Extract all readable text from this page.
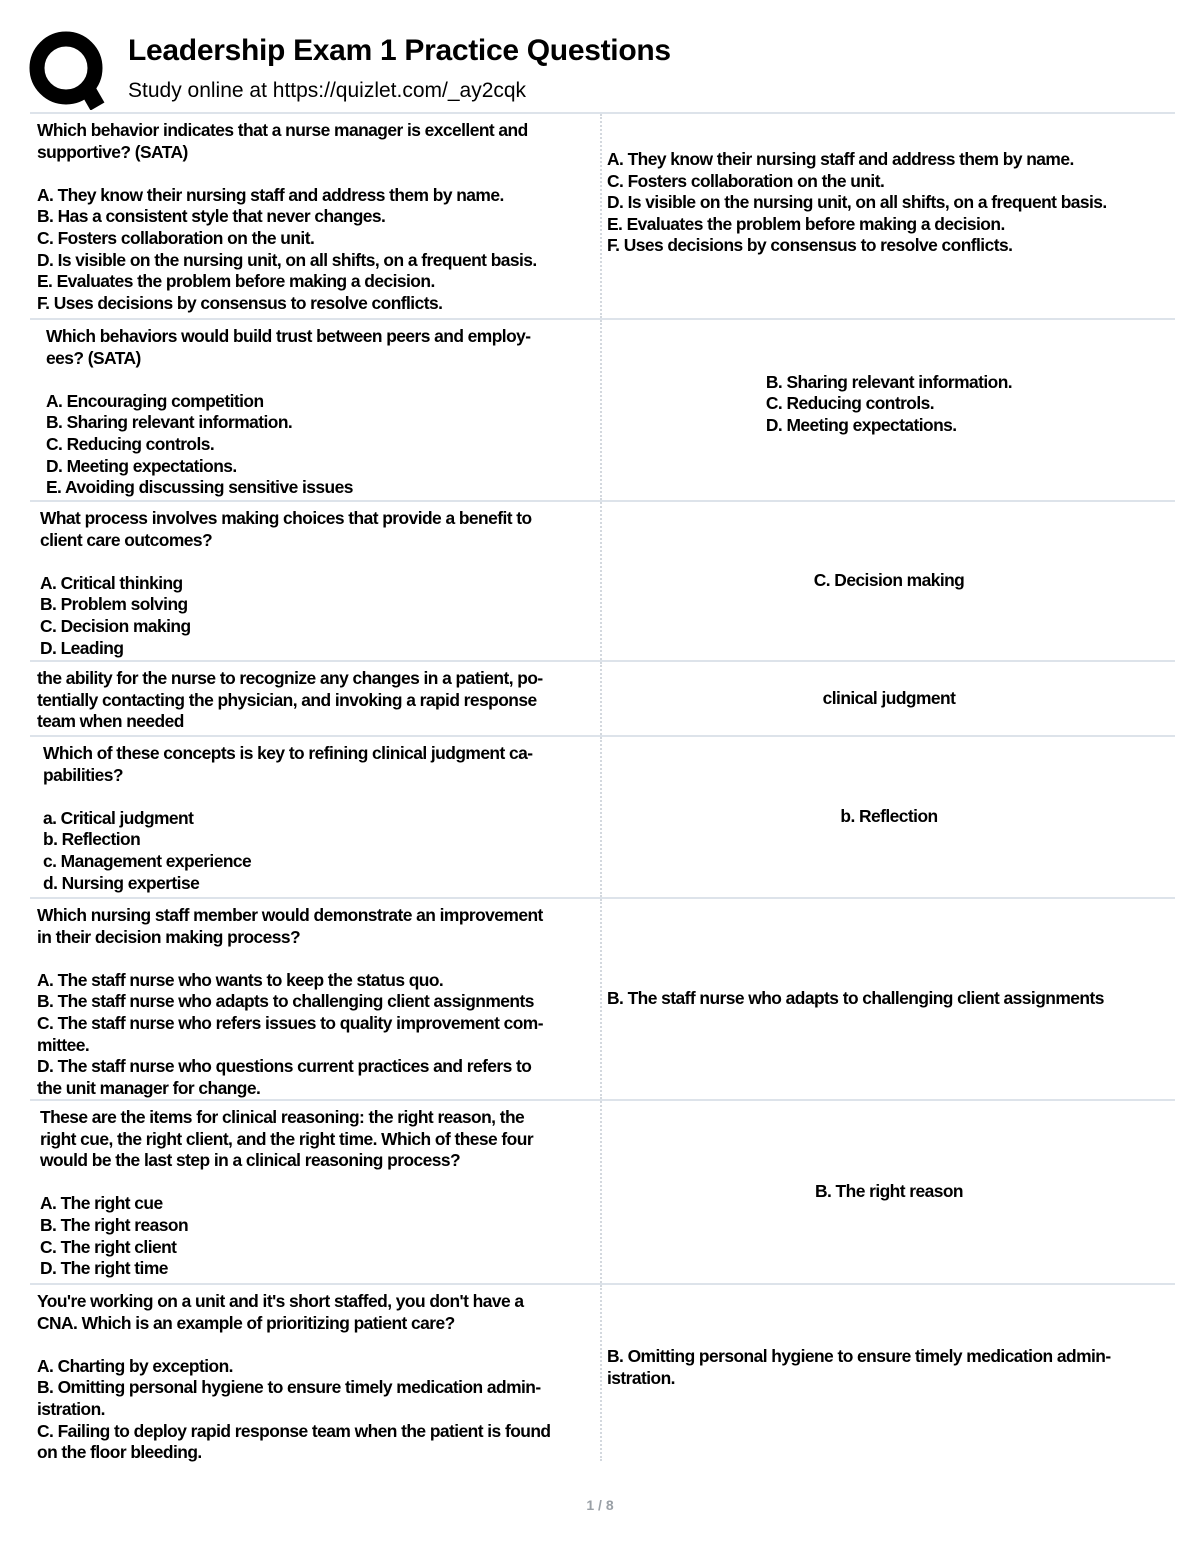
Leadership Exam 1 Practice Questions
Study online at https://quizlet.com/_ay2cqk
Which behavior indicates that a nurse manager is excellent and
supportive? (SATA)

A. They know their nursing staff and address them by name.
B. Has a consistent style that never changes.
C. Fosters collaboration on the unit.
D. Is visible on the nursing unit, on all shifts, on a frequent basis.
E. Evaluates the problem before making a decision.
F. Uses decisions by consensus to resolve conflicts.
A. They know their nursing staff and address them by name.
C. Fosters collaboration on the unit.
D. Is visible on the nursing unit, on all shifts, on a frequent basis.
E. Evaluates the problem before making a decision.
F. Uses decisions by consensus to resolve conflicts.
Which behaviors would build trust between peers and employ-
ees? (SATA)

A. Encouraging competition
B. Sharing relevant information.
C. Reducing controls.
D. Meeting expectations.
E. Avoiding discussing sensitive issues
B. Sharing relevant information.
C. Reducing controls.
D. Meeting expectations.
What process involves making choices that provide a benefit to
client care outcomes?

A. Critical thinking
B. Problem solving
C. Decision making
D. Leading
C. Decision making
the ability for the nurse to recognize any changes in a patient, po-
tentially contacting the physician, and invoking a rapid response
team when needed
clinical judgment
Which of these concepts is key to refining clinical judgment ca-
pabilities?

a. Critical judgment
b. Reflection
c. Management experience
d. Nursing expertise
b. Reflection
Which nursing staff member would demonstrate an improvement
in their decision making process?

A. The staff nurse who wants to keep the status quo.
B. The staff nurse who adapts to challenging client assignments
C. The staff nurse who refers issues to quality improvement com-
mittee.
D. The staff nurse who questions current practices and refers to
the unit manager for change.
B. The staff nurse who adapts to challenging client assignments
These are the items for clinical reasoning: the right reason, the
right cue, the right client, and the right time. Which of these four
would be the last step in a clinical reasoning process?

A. The right cue
B. The right reason
C. The right client
D. The right time
B. The right reason
You're working on a unit and it's short staffed, you don't have a
CNA. Which is an example of prioritizing patient care?

A. Charting by exception.
B. Omitting personal hygiene to ensure timely medication admin-
istration.
C. Failing to deploy rapid response team when the patient is found
on the floor bleeding.
B. Omitting personal hygiene to ensure timely medication admin-
istration.
1 / 8
